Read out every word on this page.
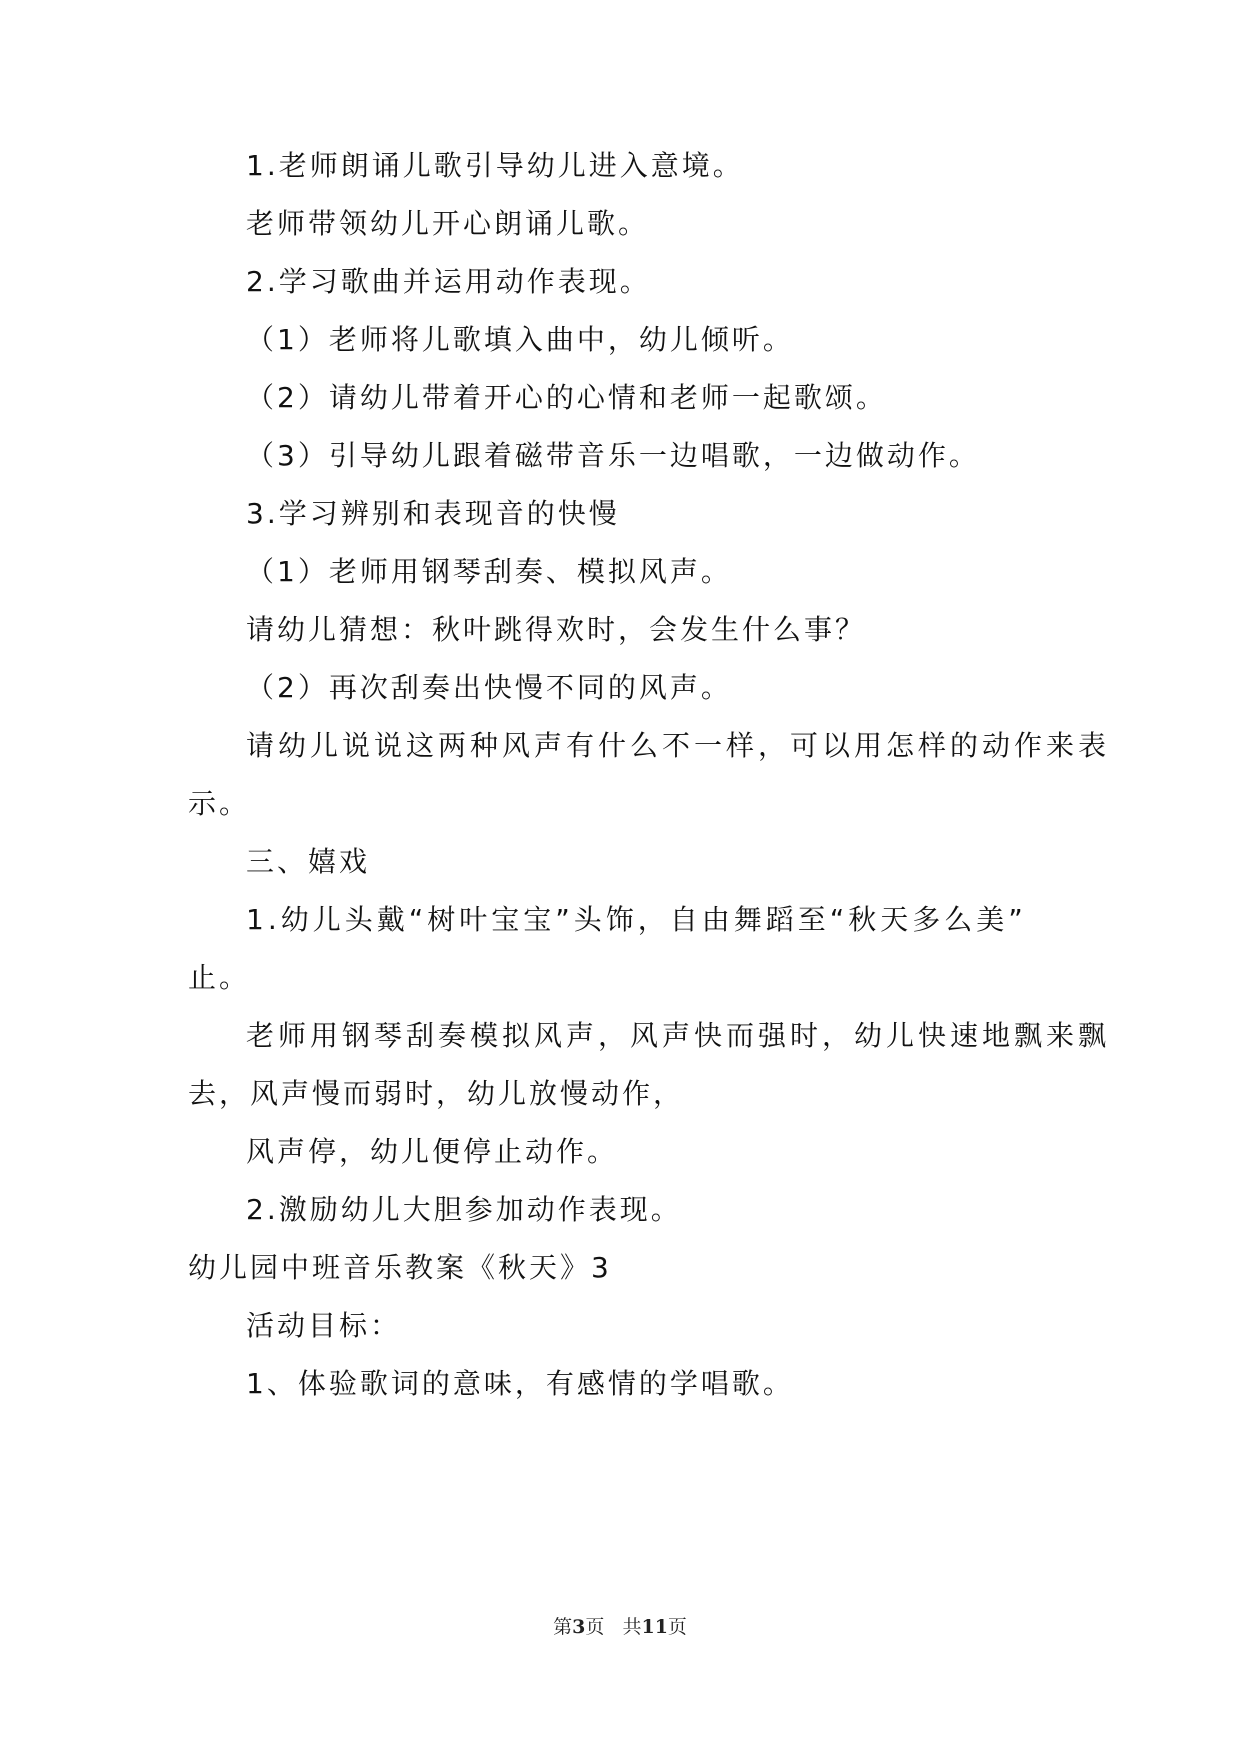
1.老师朗诵儿歌引导幼儿进入意境。
老师带领幼儿开心朗诵儿歌。
2.学习歌曲并运用动作表现。
（1）老师将儿歌填入曲中，幼儿倾听。
（2）请幼儿带着开心的心情和老师一起歌颂。
（3）引导幼儿跟着磁带音乐一边唱歌，一边做动作。
3.学习辨别和表现音的快慢
（1）老师用钢琴刮奏、模拟风声。
请幼儿猜想：秋叶跳得欢时，会发生什么事？
（2）再次刮奏出快慢不同的风声。
请幼儿说说这两种风声有什么不一样，可以用怎样的动作来表
示。
三、嬉戏
1.幼儿头戴“树叶宝宝”头饰，自由舞蹈至“秋天多么美”
止。
老师用钢琴刮奏模拟风声，风声快而强时，幼儿快速地飘来飘
去，风声慢而弱时，幼儿放慢动作，
风声停，幼儿便停止动作。
2.激励幼儿大胆参加动作表现。
幼儿园中班音乐教案《秋天》3
活动目标：
1、体验歌词的意味，有感情的学唱歌。
第3页 共11页
